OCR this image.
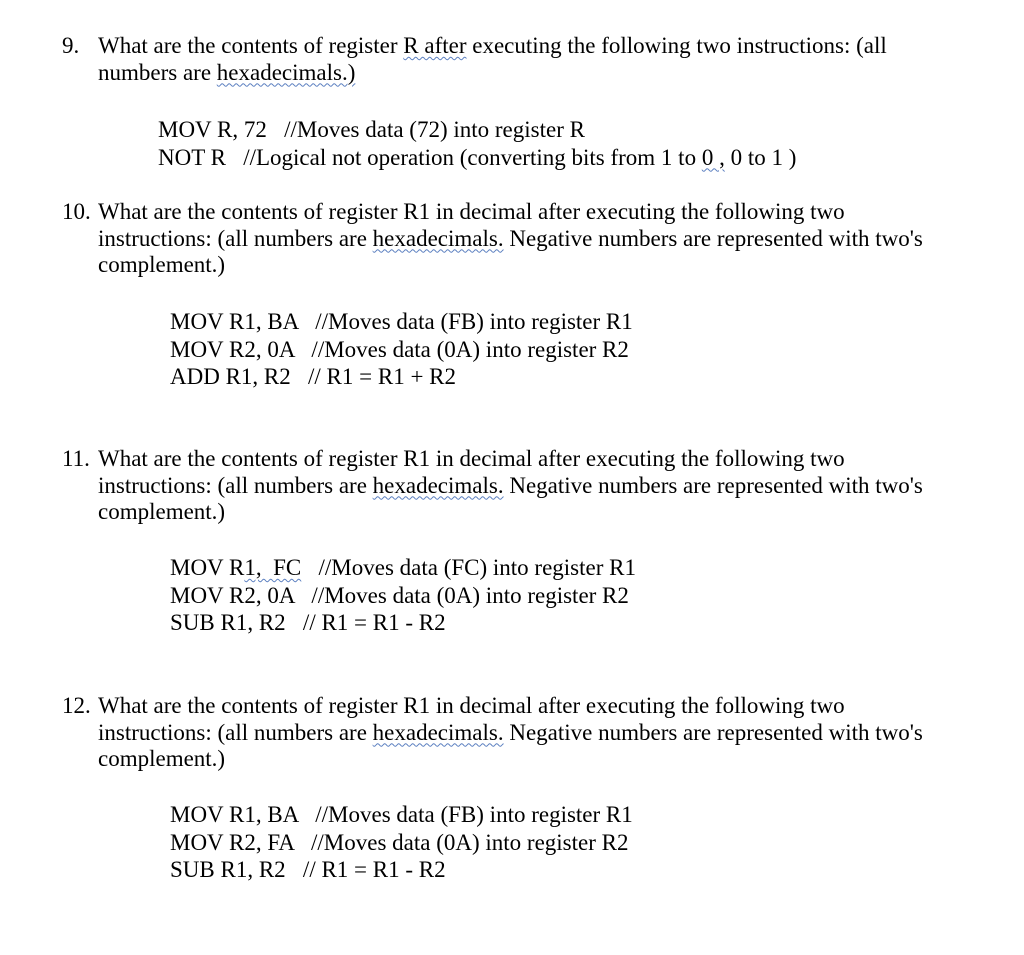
9. What are the contents of register R after executing the following two instructions: (all
numbers are hexadecimals.)
MOV R, 72   //Moves data (72) into register R
NOT R   //Logical not operation (converting bits from 1 to 0 , 0 to 1 )
10. What are the contents of register R1 in decimal after executing the following two
instructions: (all numbers are hexadecimals. Negative numbers are represented with two's
complement.)
MOV R1, BA   //Moves data (FB) into register R1
MOV R2, 0A   //Moves data (0A) into register R2
ADD R1, R2   // R1 = R1 + R2
11. What are the contents of register R1 in decimal after executing the following two
instructions: (all numbers are hexadecimals. Negative numbers are represented with two's
complement.)
MOV R1,  FC   //Moves data (FC) into register R1
MOV R2, 0A   //Moves data (0A) into register R2
SUB R1, R2   // R1 = R1 - R2
12. What are the contents of register R1 in decimal after executing the following two
instructions: (all numbers are hexadecimals. Negative numbers are represented with two's
complement.)
MOV R1, BA   //Moves data (FB) into register R1
MOV R2, FA   //Moves data (0A) into register R2
SUB R1, R2   // R1 = R1 - R2
